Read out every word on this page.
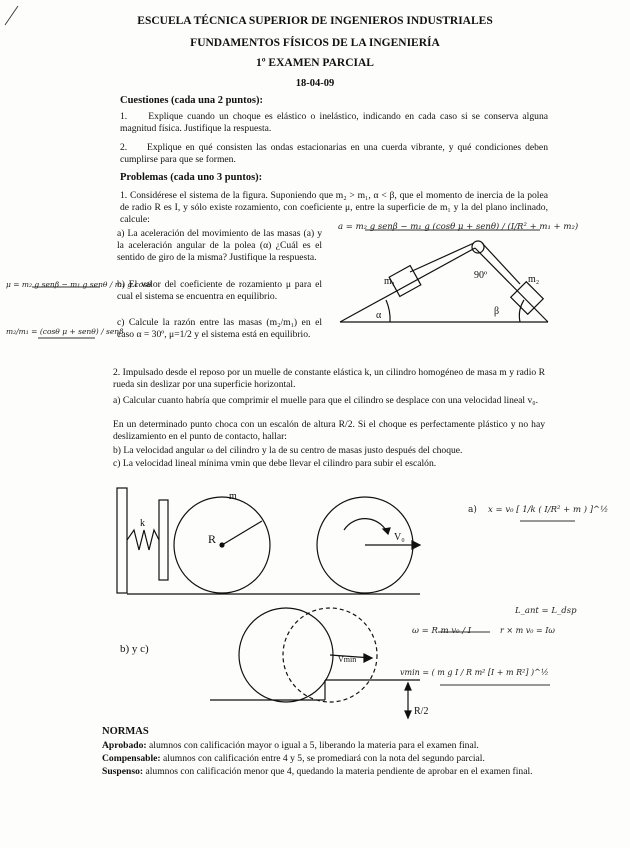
ESCUELA TÉCNICA SUPERIOR DE INGENIEROS INDUSTRIALES
FUNDAMENTOS FÍSICOS DE LA INGENIERÍA
1º EXAMEN PARCIAL
18-04-09
Cuestiones (cada una 2 puntos):
1. Explique cuando un choque es elástico o inelástico, indicando en cada caso si se conserva alguna magnitud física. Justifique la respuesta.
2. Explique en qué consisten las ondas estacionarias en una cuerda vibrante, y qué condiciones deben cumplirse para que se formen.
Problemas (cada uno 3 puntos):
1. Considérese el sistema de la figura. Suponiendo que m₂ > m₁, α < β, que el momento de inercia de la polea de radio R es I, y sólo existe rozamiento, con coeficiente μ, entre la superficie de m₁ y la del plano inclinado, calcule:
a) La aceleración del movimiento de las masas (a) y la aceleración angular de la polea (α) ¿Cuál es el sentido de giro de la misma? Justifique la respuesta.
b) El valor del coeficiente de rozamiento μ para el cual el sistema se encuentra en equilibrio.
c) Calcule la razón entre las masas (m₂/m₁) en el caso α = 30º, μ=1/2 y el sistema está en equilibrio.
2. Impulsado desde el reposo por un muelle de constante elástica k, un cilindro homogéneo de masa m y radio R rueda sin deslizar por una superficie horizontal.
a) Calcular cuanto habría que comprimir el muelle para que el cilindro se desplace con una velocidad lineal v₀.
En un determinado punto choca con un escalón de altura R/2. Si el choque es perfectamente plástico y no hay deslizamiento en el punto de contacto, hallar:
b) La velocidad angular ω del cilindro y la de su centro de masas justo después del choque.
c) La velocidad lineal mínima vmin que debe llevar el cilindro para subir el escalón.
m₁	m₂
90º
α	β
m
k
R	V₀
b) y c)
Vmin
R/2
a = m₂ g senβ − m₁ g (cosθ μ + senθ) / (I/R² + m₁ + m₂)
μ = m₂ g senβ − m₁ g senθ / m₁ g cosθ
m₂/m₁ = (cosθ μ + senθ) / senβ
a) x = v₀ [ 1/k ( I/R² + m ) ]^½
L_ant = L_dsp
r × m v₀ = Iω
ω = R m v₀ / I
vmin = ( m g I / R m² [I + m R²] )^½
NORMAS
Aprobado: alumnos con calificación mayor o igual a 5, liberando la materia para el examen final.
Compensable: alumnos con calificación entre 4 y 5, se promediará con la nota del segundo parcial.
Suspenso: alumnos con calificación menor que 4, quedando la materia pendiente de aprobar en el examen final.
